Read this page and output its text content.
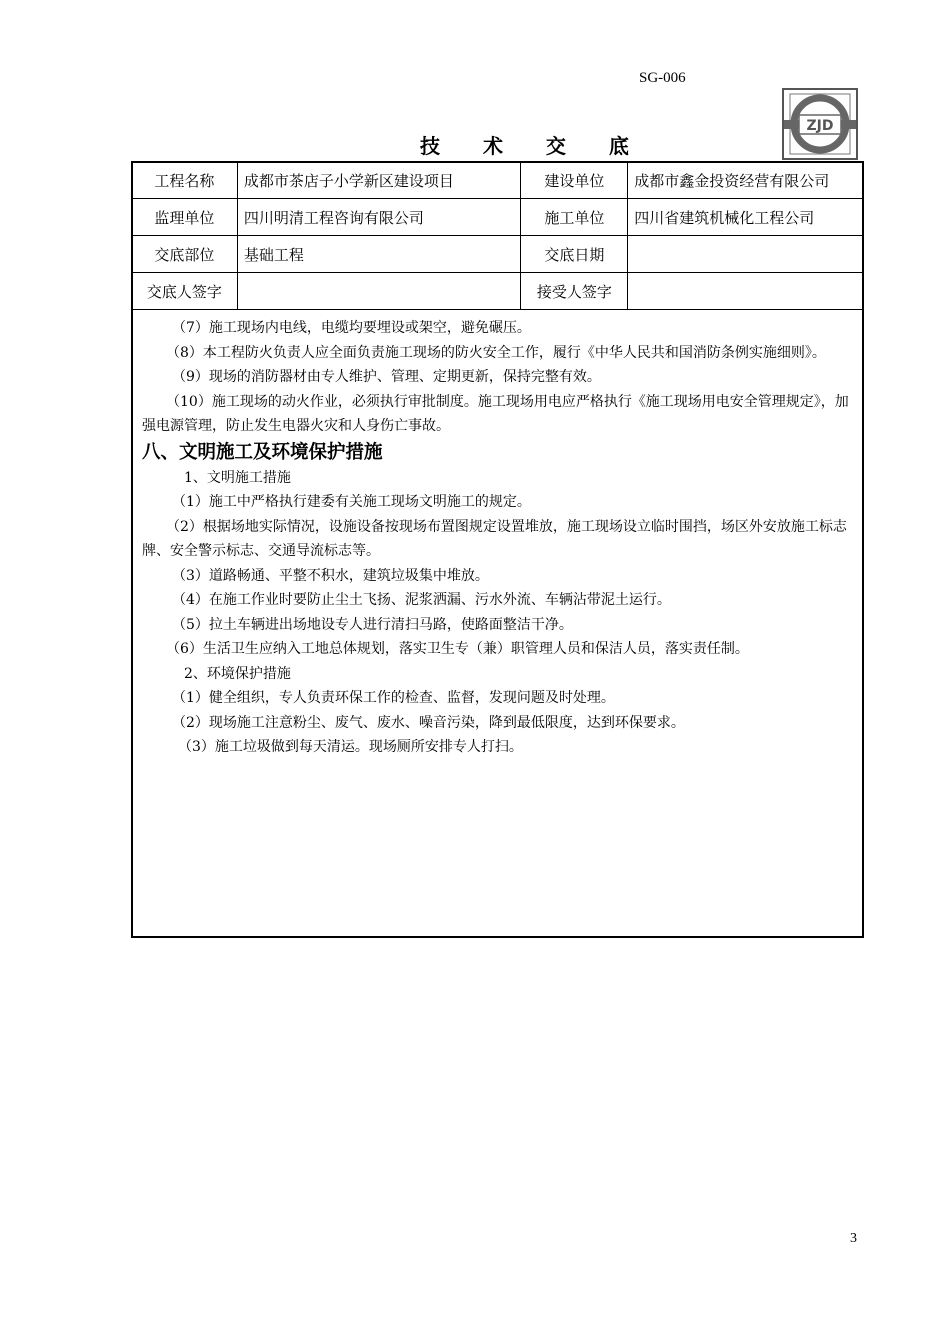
SG-006
ZJD
技 术 交 底
工程名称	成都市茶店子小学新区建设项目	建设单位	成都市鑫金投资经营有限公司
监理单位	四川明清工程咨询有限公司	施工单位	四川省建筑机械化工程公司
交底部位	基础工程	交底日期	
交底人签字		接受人签字	

（7）施工现场内电线，电缆均要埋设或架空，避免碾压。

（8）本工程防火负责人应全面负责施工现场的防火安全工作，履行《中华人民共和国消防条例实施细则》。

（9）现场的消防器材由专人维护、管理、定期更新，保持完整有效。

（10）施工现场的动火作业，必须执行审批制度。施工现场用电应严格执行《施工现场用电安全管理规定》，加强电源管理，防止发生电器火灾和人身伤亡事故。

八、文明施工及环境保护措施

1、文明施工措施

（1）施工中严格执行建委有关施工现场文明施工的规定。

（2）根据场地实际情况，设施设备按现场布置图规定设置堆放，施工现场设立临时围挡，场区外安放施工标志牌、安全警示标志、交通导流标志等。

（3）道路畅通、平整不积水，建筑垃圾集中堆放。

（4）在施工作业时要防止尘土飞扬、泥浆洒漏、污水外流、车辆沾带泥土运行。

（5）拉土车辆进出场地设专人进行清扫马路，使路面整洁干净。

（6）生活卫生应纳入工地总体规划，落实卫生专（兼）职管理人员和保洁人员，落实责任制。

2、环境保护措施

（1）健全组织，专人负责环保工作的检查、监督，发现问题及时处理。

（2）现场施工注意粉尘、废气、废水、噪音污染，降到最低限度，达到环保要求。

（3）施工垃圾做到每天清运。现场厕所安排专人打扫。

3
